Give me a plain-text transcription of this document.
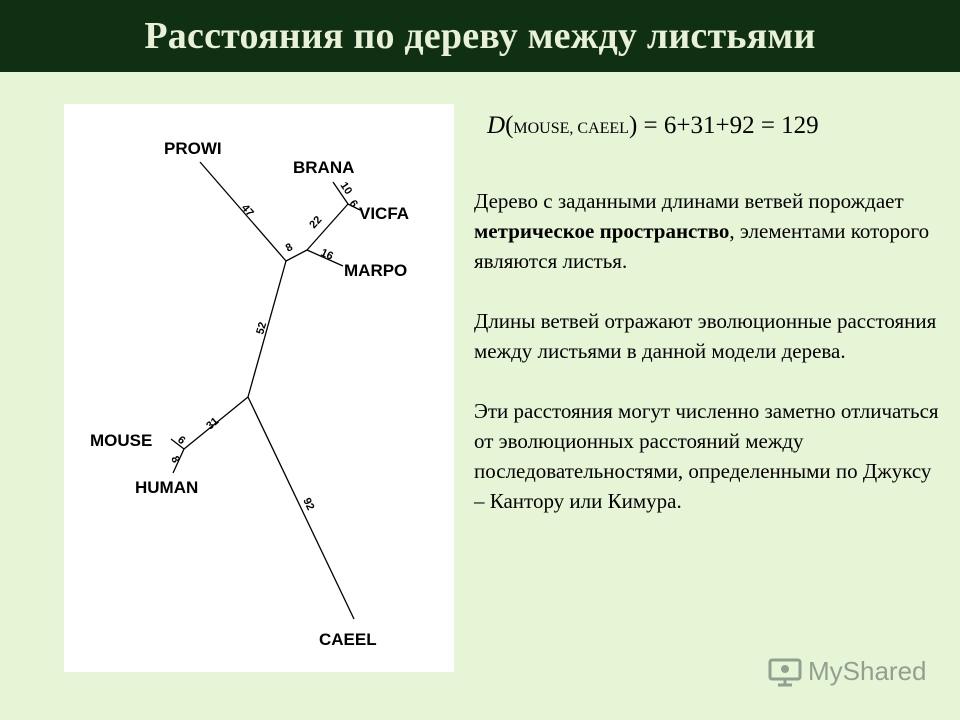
Расстояния по дереву между листьями
PROWI
BRANA
VICFA
MARPO
MOUSE
HUMAN
CAEEL
47
10
6
22
16
8
52
31
6
8
92
D(MOUSE, CAEEL) = 6+31+92 = 129

Дерево с заданными длинами ветвей порождает метрическое пространство, элементами которого являются листья.

Длины ветвей отражают эволюционные расстояния между листьями в данной модели дерева.

Эти расстояния могут численно заметно отличаться от эволюционных расстояний между последовательностями, определенными по Джуксу – Кантору или Кимура.

MyShared
